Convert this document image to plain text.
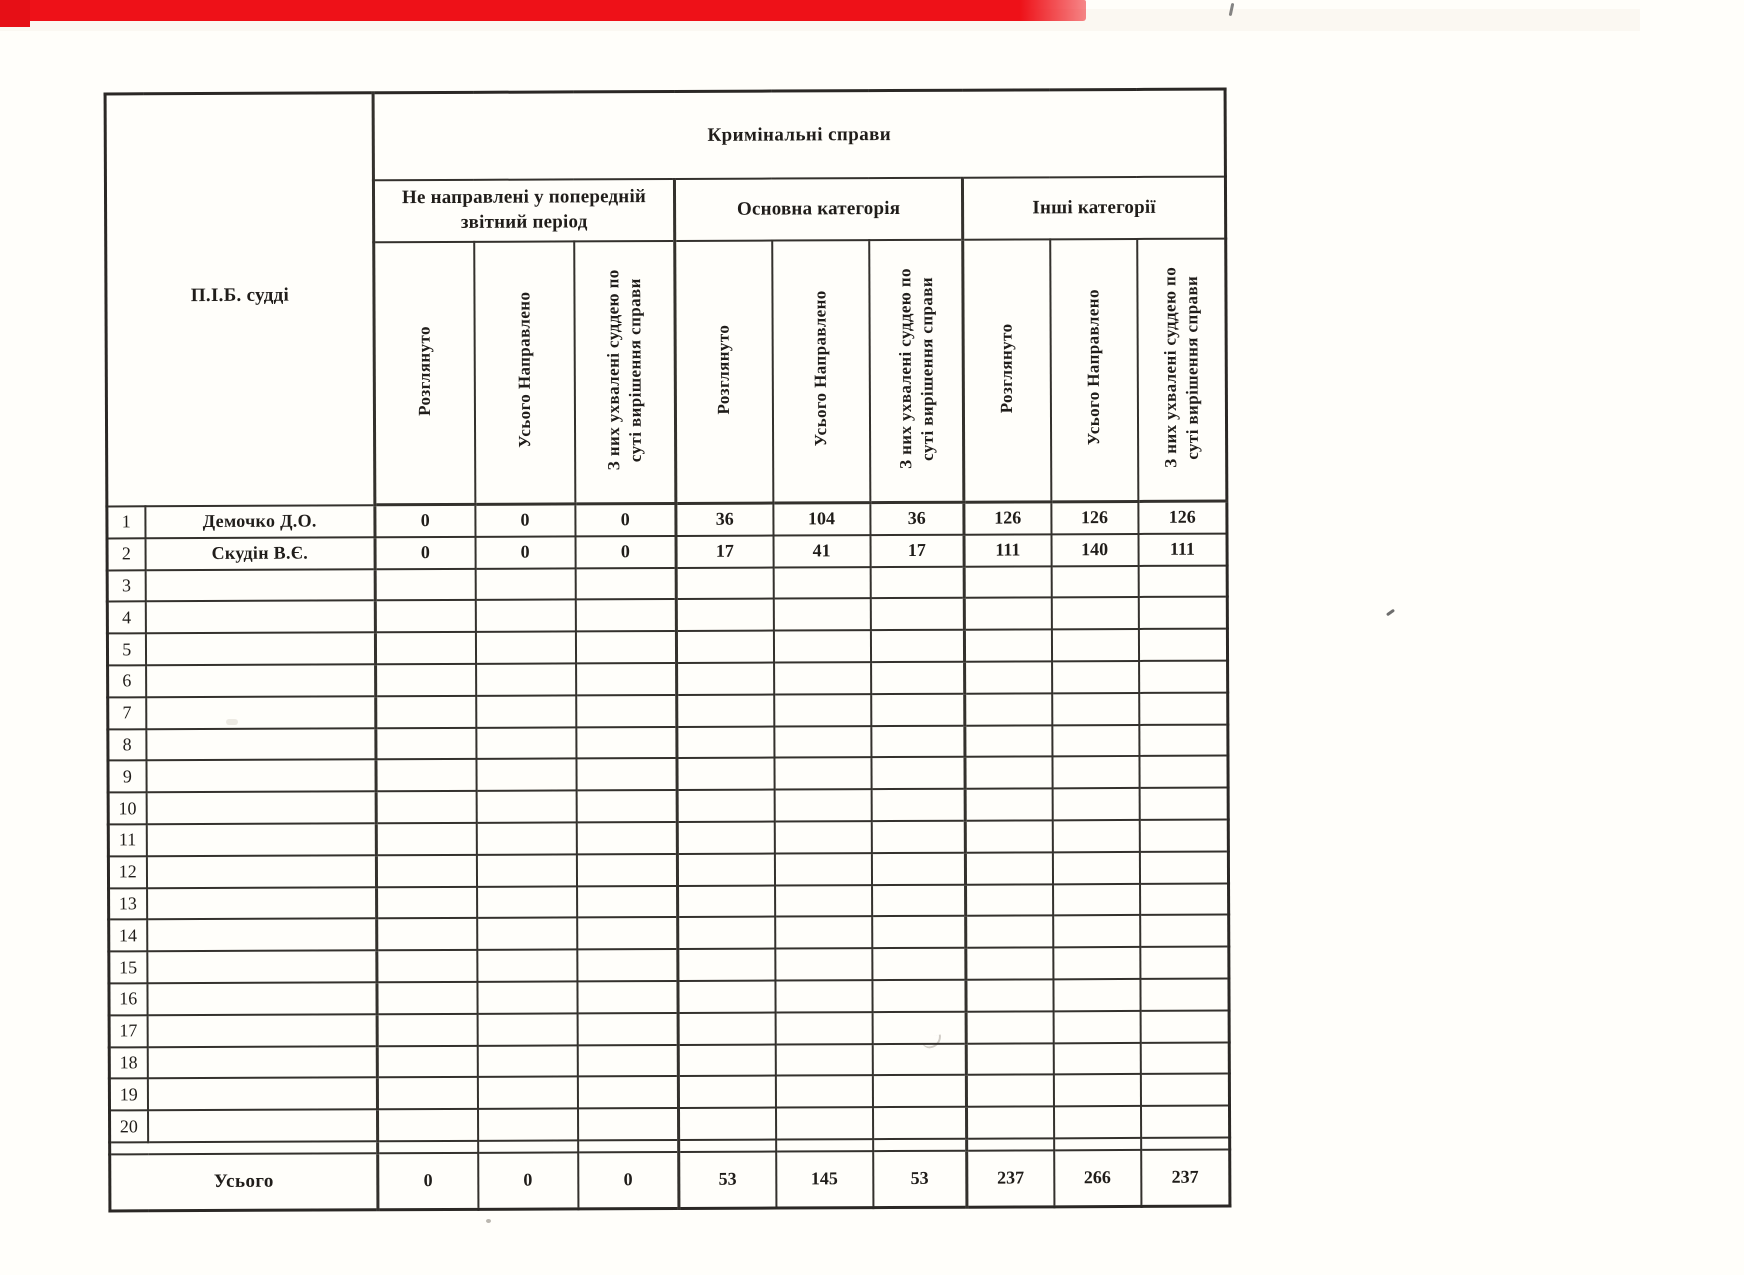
П.І.Б. судді		Кримінальні справи								
		Не направлені у попередній звітний період			Основна категорія			Інші категорії		
		Розглянуто	Усього Направлено	З них ухвалені суддею по суті вирішення справи	Розглянуто	Усього Направлено	З них ухвалені суддею по суті вирішення справи	Розглянуто	Усього Направлено	З них ухвалені суддею по суті вирішення справи
1	Демочко Д.О.	0	0	0	36	104	36	126	126	126
2	Скудін В.Є.	0	0	0	17	41	17	111	140	111
3										
4										
5										
6										
7										
8										
9										
10										
11										
12										
13										
14										
15										
16										
17										
18										
19										
20										

Усього		0	0	0	53	145	53	237	266	237
